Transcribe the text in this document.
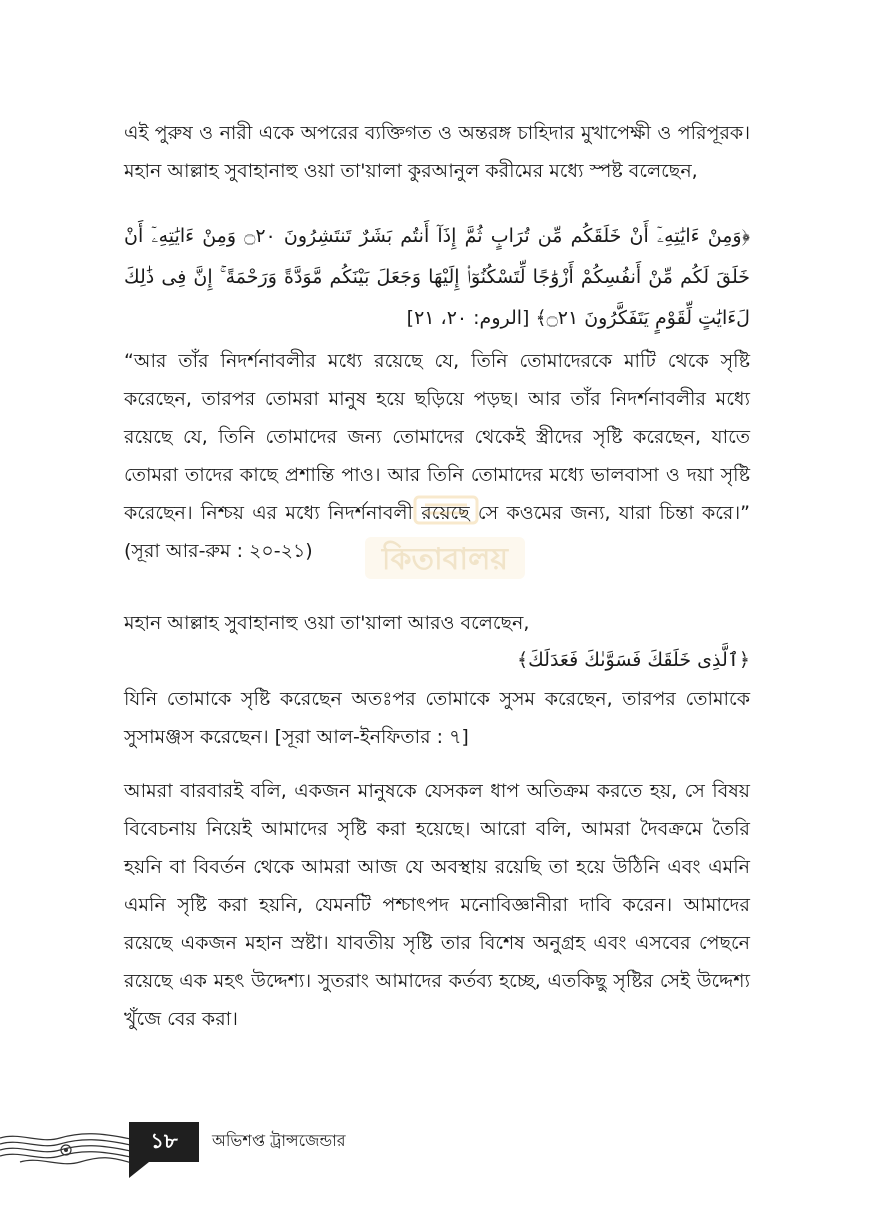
এই পুরুষ ও নারী একে অপরের ব্যক্তিগত ও অন্তরঙ্গ চাহিদার মুখাপেক্ষী ও পরিপূরক। মহান আল্লাহ সুবাহানাহু ওয়া তা'য়ালা কুরআনুল করীমের মধ্যে স্পষ্ট বলেছেন,

﴿وَمِنْ ءَايَٰتِهِۦٓ أَنْ خَلَقَكُم مِّن تُرَابٍ ثُمَّ إِذَآ أَنتُم بَشَرٌ تَنتَشِرُونَ ۝٢٠ وَمِنْ ءَايَٰتِهِۦٓ أَنْ خَلَقَ لَكُم مِّنْ أَنفُسِكُمْ أَزْوَٰجًا لِّتَسْكُنُوٓا۟ إِلَيْهَا وَجَعَلَ بَيْنَكُم مَّوَدَّةً وَرَحْمَةً ۚ إِنَّ فِى ذَٰلِكَ لَءَايَٰتٍ لِّقَوْمٍ يَتَفَكَّرُونَ ۝٢١﴾ [الروم: ٢٠، ٢١]

“আর তাঁর নিদর্শনাবলীর মধ্যে রয়েছে যে, তিনি তোমাদেরকে মাটি থেকে সৃষ্টি করেছেন, তারপর তোমরা মানুষ হয়ে ছড়িয়ে পড়ছ। আর তাঁর নিদর্শনাবলীর মধ্যে রয়েছে যে, তিনি তোমাদের জন্য তোমাদের থেকেই স্ত্রীদের সৃষ্টি করেছেন, যাতে তোমরা তাদের কাছে প্রশান্তি পাও। আর তিনি তোমাদের মধ্যে ভালবাসা ও দয়া সৃষ্টি করেছেন। নিশ্চয় এর মধ্যে নিদর্শনাবলী রয়েছে সে কওমের জন্য, যারা চিন্তা করে।” (সূরা আর-রুম : ২০-২১)	কিতাবালয়

মহান আল্লাহ সুবাহানাহু ওয়া তা'য়ালা আরও বলেছেন,

﴿ٱلَّذِى خَلَقَكَ فَسَوَّىٰكَ فَعَدَلَكَ﴾

যিনি তোমাকে সৃষ্টি করেছেন অতঃপর তোমাকে সুসম করেছেন, তারপর তোমাকে সুসামঞ্জস করেছেন। [সূরা আল-ইনফিতার : ৭]

আমরা বারবারই বলি, একজন মানুষকে যেসকল ধাপ অতিক্রম করতে হয়, সে বিষয় বিবেচনায় নিয়েই আমাদের সৃষ্টি করা হয়েছে। আরো বলি, আমরা দৈবক্রমে তৈরি হয়নি বা বিবর্তন থেকে আমরা আজ যে অবস্থায় রয়েছি তা হয়ে উঠিনি এবং এমনি এমনি সৃষ্টি করা হয়নি, যেমনটি পশ্চাৎপদ মনোবিজ্ঞানীরা দাবি করেন। আমাদের রয়েছে একজন মহান স্রষ্টা। যাবতীয় সৃষ্টি তার বিশেষ অনুগ্রহ এবং এসবের পেছনে রয়েছে এক মহৎ উদ্দেশ্য। সুতরাং আমাদের কর্তব্য হচ্ছে, এতকিছু সৃষ্টির সেই উদ্দেশ্য খুঁজে বের করা।

১৮	অভিশপ্ত ট্রান্সজেন্ডার
